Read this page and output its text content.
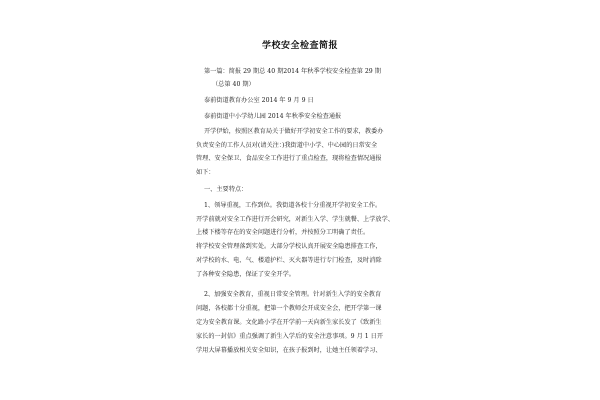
学校安全检查简报
第一篇：简报 29 期总 40 期2014 年秋季学校安全检查第 29 期
（总第 40 期）
泰前街道教育办公室 2014 年 9 月 9 日
泰前街道中小学幼儿园 2014 年秋季安全检查通报
开学伊始，按照区教育局关于做好开学初安全工作的要求，教委办
负责安全的工作人员对(请关注：)我街道中小学、中心园的日常安全
管理、安全保卫、食品安全工作进行了重点检查，现将检查情况通报
如下：
一、主要特点：
1、领导重视，工作到位。我街道各校十分重视开学初安全工作。
开学前就对安全工作进行开会研究，对新生入学、学生就餐、上学放学、
上楼下楼等存在的安全问题进行分析，并按照分工明确了责任。
将学校安全管理落到实处。大部分学校认真开展安全隐患排查工作，
对学校的水、电、气、楼道护栏、灭火器等进行专门检查，及时消除
了各种安全隐患，保证了安全开学。
2、加强安全教育，重视日常安全管理。针对新生入学的安全教育
问题，各校都十分重视，把第一个教师会开成安全会，把开学第一课
定为安全教育课。文化路小学在开学前一天向新生家长发了《致新生
家长的一封信》重点强调了新生入学后的安全注意事项。9 月 1 日开
学用大屏幕播放相关安全知识，在孩子报到时，让她主任领着学习、
